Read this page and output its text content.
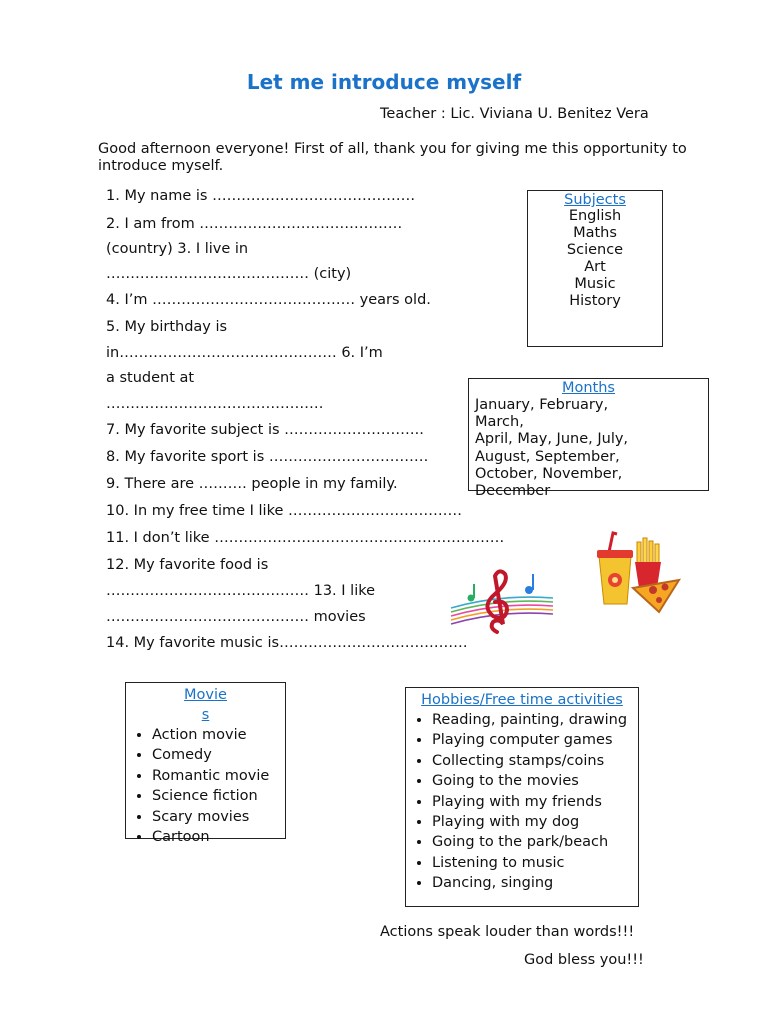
Let me introduce myself
Teacher : Lic. Viviana U. Benitez Vera
Good afternoon everyone! First of all, thank you for giving me this opportunity to introduce myself.
1. My name is ……………………………………
2. I am from ……………………………………
(country) 3. I live in
…………………………………… (city)
4. I’m …………………………………… years old.
5. My birthday is
in……………………………………… 6. I’m
a student at
………………………………………
7. My favorite subject is ………………………..
8. My favorite sport is ……………………………
9. There are ………. people in my family.
10. In my free time I like ………………………………
11. I don’t like ……………………………………………………
12. My favorite food is
…………………………………… 13. I like
…………………………………… movies
14. My favorite music is…………………………………
Subjects
English
Maths
Science
Art
Music
History
Months
January, February,
March,
April, May, June, July,
August, September,
October, November,
December
Movie
s
• Action movie
• Comedy
• Romantic movie
• Science fiction
• Scary movies
• Cartoon
Hobbies/Free time activities
• Reading, painting, drawing
• Playing computer games
• Collecting stamps/coins
• Going to the movies
• Playing with my friends
• Playing with my dog
• Going to the park/beach
• Listening to music
• Dancing, singing
Actions speak louder than words!!!
God bless you!!!
